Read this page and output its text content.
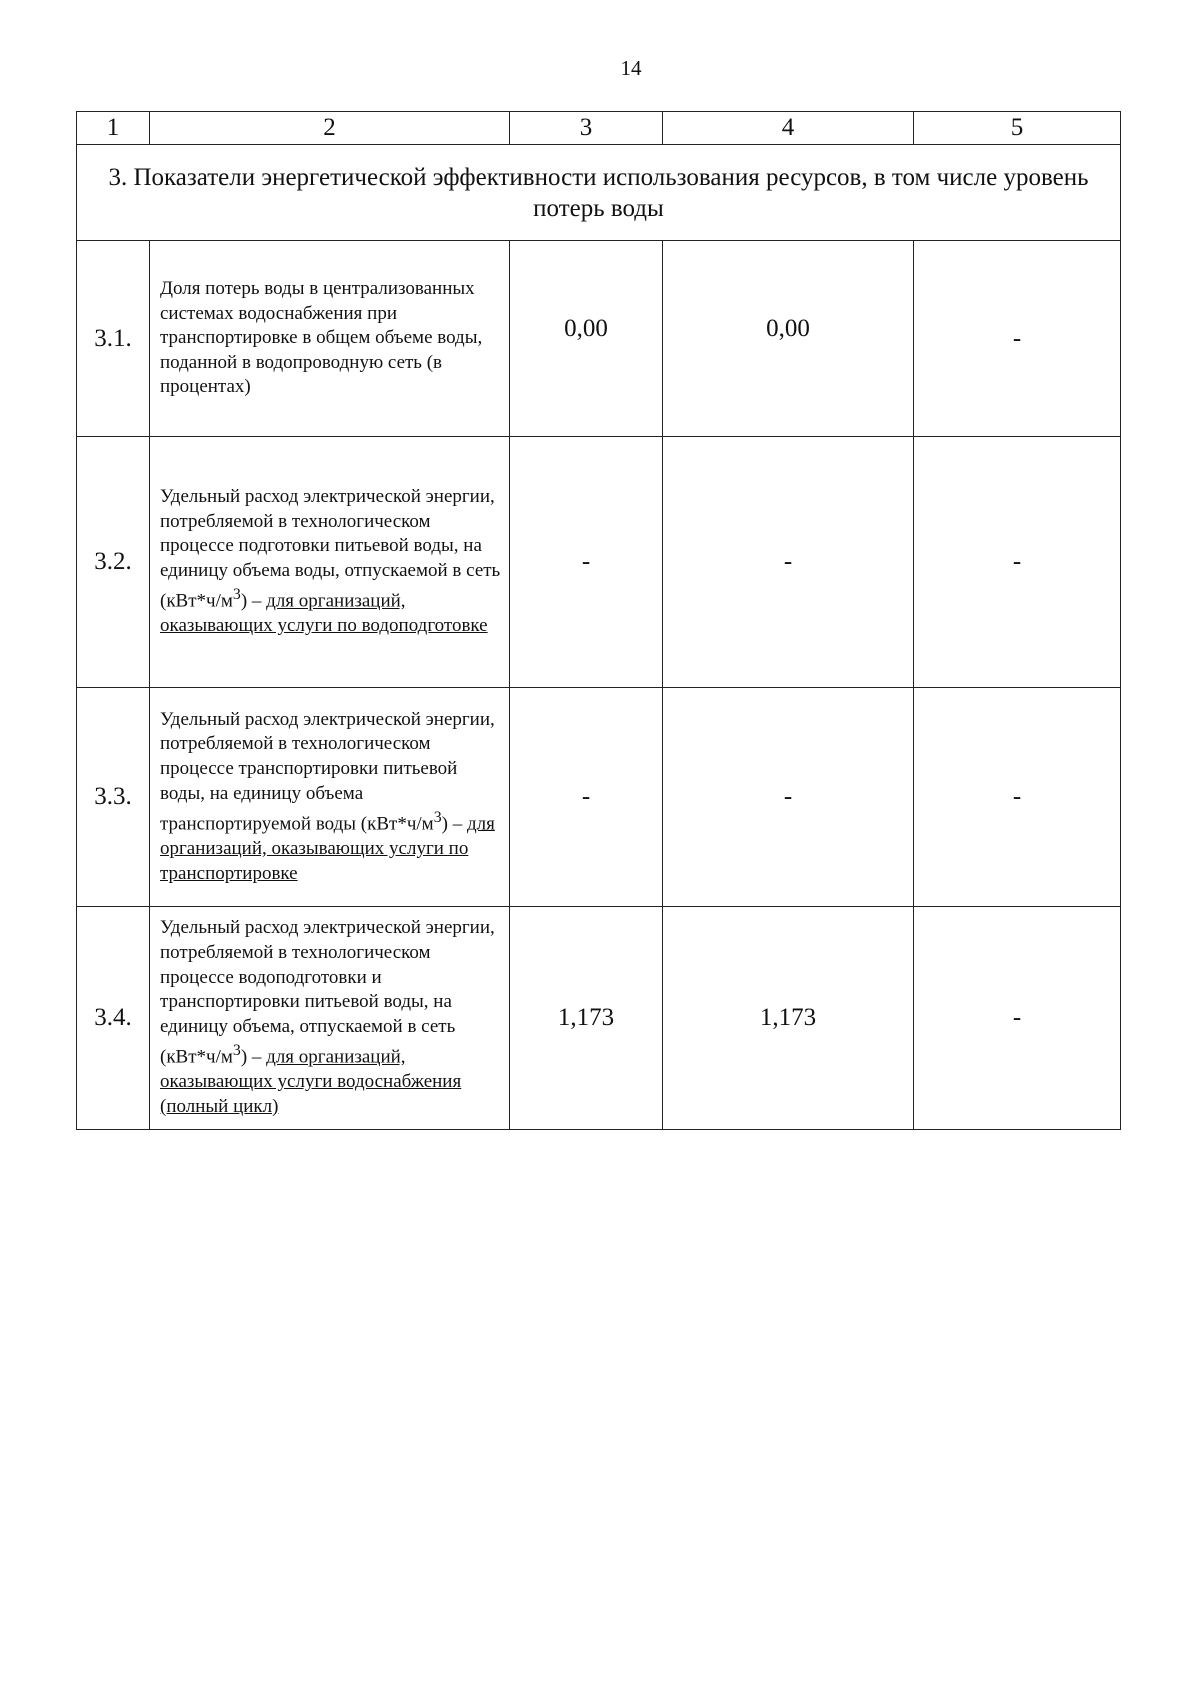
14
1	2	3	4	5
3. Показатели энергетической эффективности использования ресурсов, в том числе уровень потерь воды				
3.1.	Доля потерь воды в централизованных системах водоснабжения при транспортировке в общем объеме воды, поданной в водопроводную сеть (в процентах)	0,00	0,00	-
3.2.	Удельный расход электрической энергии, потребляемой в технологическом процессе подготовки питьевой воды, на единицу объема воды, отпускаемой в сеть $(кВт*ч/м^3)$ – для организаций, оказывающих услуги по водоподготовке	-	-	-
3.3.	Удельный расход электрической энергии, потребляемой в технологическом процессе транспортировки питьевой воды, на единицу объема транспортируемой воды $(кВт*ч/м^3)$ – для организаций, оказывающих услуги по транспортировке	-	-	-
3.4.	Удельный расход электрической энергии, потребляемой в технологическом процессе водоподготовки и транспортировки питьевой воды, на единицу объема, отпускаемой в сеть $(кВт*ч/м^3)$ – для организаций, оказывающих услуги водоснабжения (полный цикл)	1,173	1,173	-
